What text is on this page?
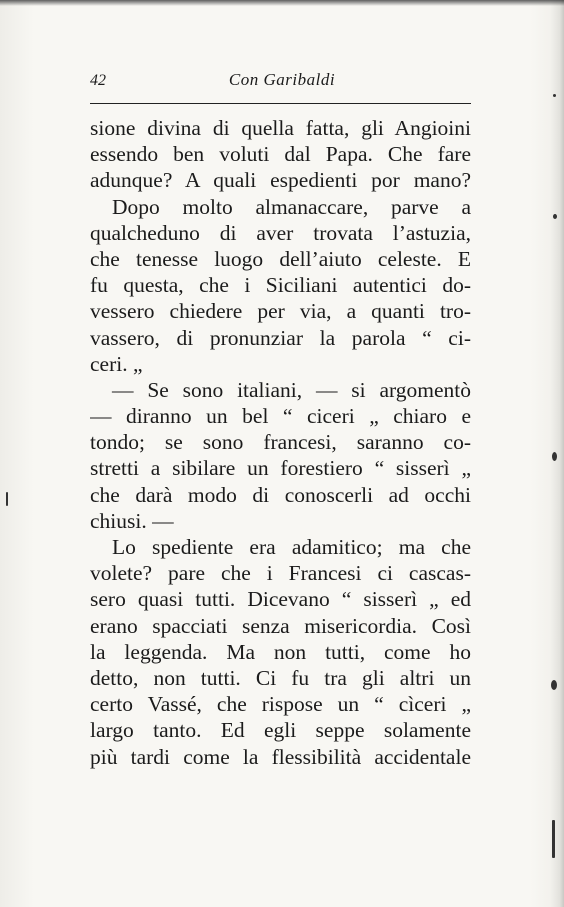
42	Con Garibaldi
sione divina di quella fatta, gli Angioini
essendo ben voluti dal Papa. Che fare
adunque? A quali espedienti por mano?
Dopo molto almanaccare, parve a
qualcheduno di aver trovata l’astuzia,
che tenesse luogo dell’aiuto celeste. E
fu questa, che i Siciliani autentici do-
vessero chiedere per via, a quanti tro-
vassero, di pronunziar la parola “ ci-
ceri. „
— Se sono italiani, — si argomentò
— diranno un bel “ ciceri „ chiaro e
tondo; se sono francesi, saranno co-
stretti a sibilare un forestiero “ sisserì „
che darà modo di conoscerli ad occhi
chiusi. —
Lo spediente era adamitico; ma che
volete? pare che i Francesi ci cascas-
sero quasi tutti. Dicevano “ sisserì „ ed
erano spacciati senza misericordia. Così
la leggenda. Ma non tutti, come ho
detto, non tutti. Ci fu tra gli altri un
certo Vassé, che rispose un “ cìceri „
largo tanto. Ed egli seppe solamente
più tardi come la flessibilità accidentale
